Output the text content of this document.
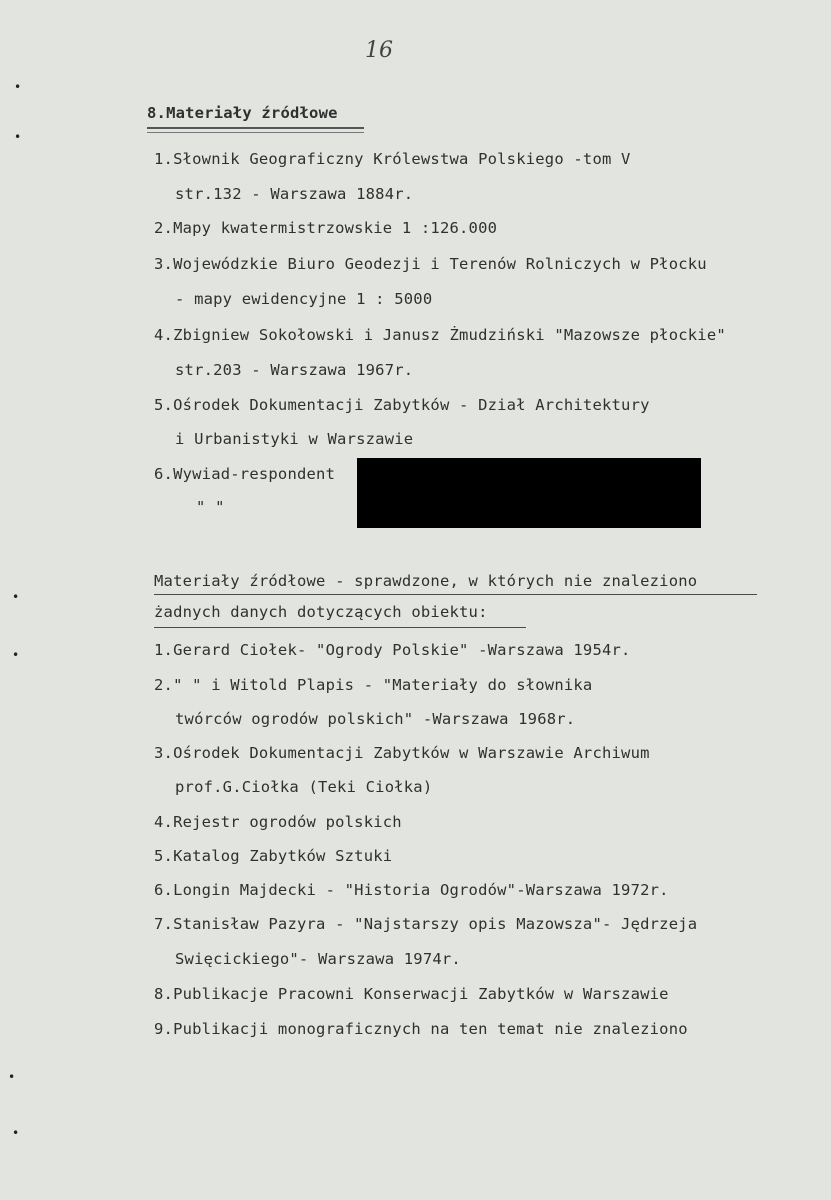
16
•
•
•
•
•
•
8.Materiały źródłowe
1.Słownik Geograficzny Królewstwa Polskiego -tom V
str.132 - Warszawa 1884r.
2.Mapy kwatermistrzowskie 1 :126.000
3.Wojewódzkie Biuro Geodezji i Terenów Rolniczych w Płocku
- mapy ewidencyjne 1 : 5000
4.Zbigniew Sokołowski i Janusz Żmudziński "Mazowsze płockie"
str.203 - Warszawa 1967r.
5.Ośrodek Dokumentacji Zabytków - Dział Architektury
i Urbanistyki w Warszawie
6.Wywiad-respondent
" "
Materiały źródłowe - sprawdzone, w których nie znaleziono
żadnych danych dotyczących obiektu:
1.Gerard Ciołek- "Ogrody Polskie" -Warszawa 1954r.
2." " i Witold Plapis - "Materiały do słownika
twórców ogrodów polskich" -Warszawa 1968r.
3.Ośrodek Dokumentacji Zabytków w Warszawie Archiwum
prof.G.Ciołka (Teki Ciołka)
4.Rejestr ogrodów polskich
5.Katalog Zabytków Sztuki
6.Longin Majdecki - "Historia Ogrodów"-Warszawa 1972r.
7.Stanisław Pazyra - "Najstarszy opis Mazowsza"- Jędrzeja
Swięcickiego"- Warszawa 1974r.
8.Publikacje Pracowni Konserwacji Zabytków w Warszawie
9.Publikacji monograficznych na ten temat nie znaleziono
